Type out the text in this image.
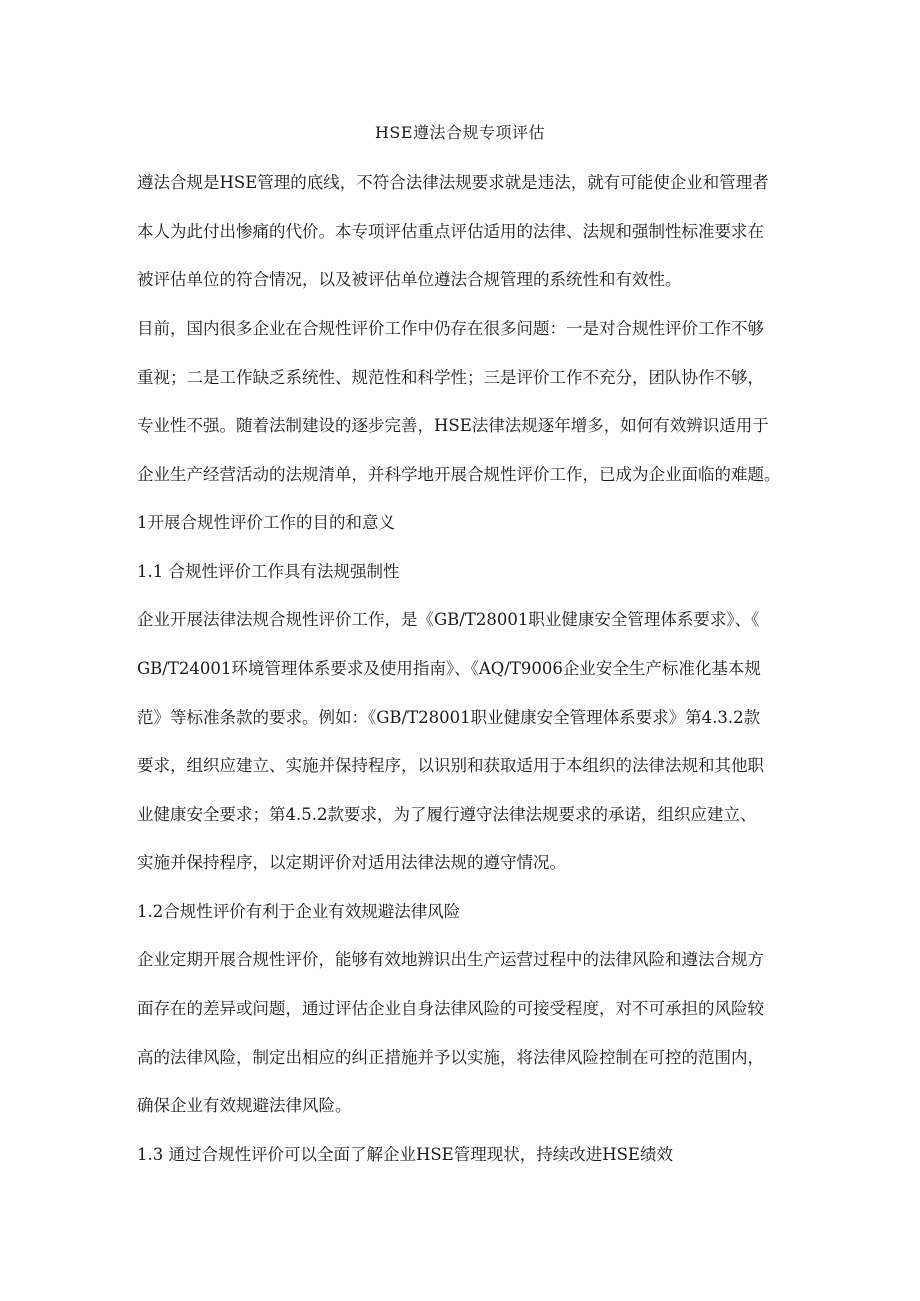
HSE遵法合规专项评估
遵法合规是HSE管理的底线，不符合法律法规要求就是违法，就有可能使企业和管理者
本人为此付出惨痛的代价。本专项评估重点评估适用的法律、法规和强制性标准要求在
被评估单位的符合情况，以及被评估单位遵法合规管理的系统性和有效性。
目前，国内很多企业在合规性评价工作中仍存在很多问题：一是对合规性评价工作不够
重视；二是工作缺乏系统性、规范性和科学性；三是评价工作不充分，团队协作不够，
专业性不强。随着法制建设的逐步完善，HSE法律法规逐年增多，如何有效辨识适用于
企业生产经营活动的法规清单，并科学地开展合规性评价工作，已成为企业面临的难题。
1开展合规性评价工作的目的和意义
1.1 合规性评价工作具有法规强制性
企业开展法律法规合规性评价工作，是《GB/T28001职业健康安全管理体系要求》、《
GB/T24001环境管理体系要求及使用指南》、《AQ/T9006企业安全生产标准化基本规
范》等标准条款的要求。例如：《GB/T28001职业健康安全管理体系要求》第4.3.2款
要求，组织应建立、实施并保持程序，以识别和获取适用于本组织的法律法规和其他职
业健康安全要求；第4.5.2款要求，为了履行遵守法律法规要求的承诺，组织应建立、
实施并保持程序，以定期评价对适用法律法规的遵守情况。
1.2合规性评价有利于企业有效规避法律风险
企业定期开展合规性评价，能够有效地辨识出生产运营过程中的法律风险和遵法合规方
面存在的差异或问题，通过评估企业自身法律风险的可接受程度，对不可承担的风险较
高的法律风险，制定出相应的纠正措施并予以实施，将法律风险控制在可控的范围内，
确保企业有效规避法律风险。
1.3 通过合规性评价可以全面了解企业HSE管理现状，持续改进HSE绩效
